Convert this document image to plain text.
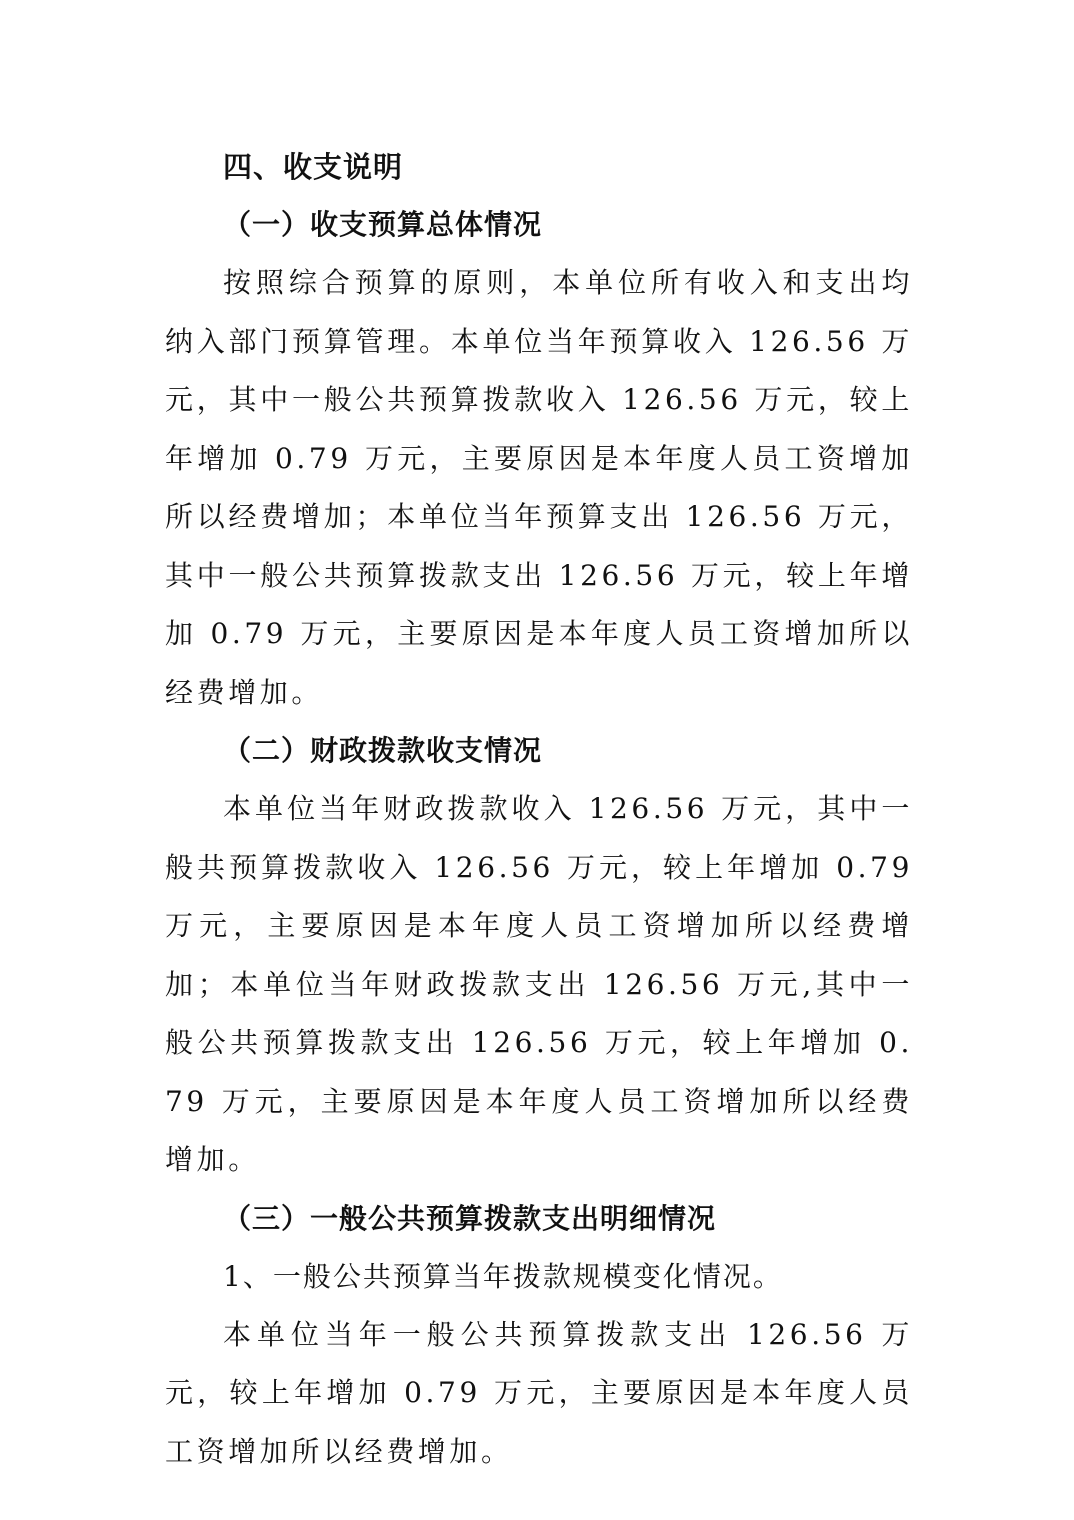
四、收支说明
（一）收支预算总体情况

按照综合预算的原则，本单位所有收入和支出均纳入部门预算管理。本单位当年预算收入 126.56 万元，其中一般公共预算拨款收入 126.56 万元，较上年增加 0.79 万元，主要原因是本年度人员工资增加所以经费增加；本单位当年预算支出 126.56 万元，其中一般公共预算拨款支出 126.56 万元，较上年增加 0.79 万元，主要原因是本年度人员工资增加所以经费增加。

（二）财政拨款收支情况

本单位当年财政拨款收入 126.56 万元，其中一般共预算拨款收入 126.56 万元，较上年增加 0.79 万元，主要原因是本年度人员工资增加所以经费增加；本单位当年财政拨款支出 126.56 万元,其中一般公共预算拨款支出 126.56 万元，较上年增加 0.79 万元，主要原因是本年度人员工资增加所以经费增加。

（三）一般公共预算拨款支出明细情况
1、一般公共预算当年拨款规模变化情况。

本单位当年一般公共预算拨款支出 126.56 万元，较上年增加 0.79 万元，主要原因是本年度人员工资增加所以经费增加。
